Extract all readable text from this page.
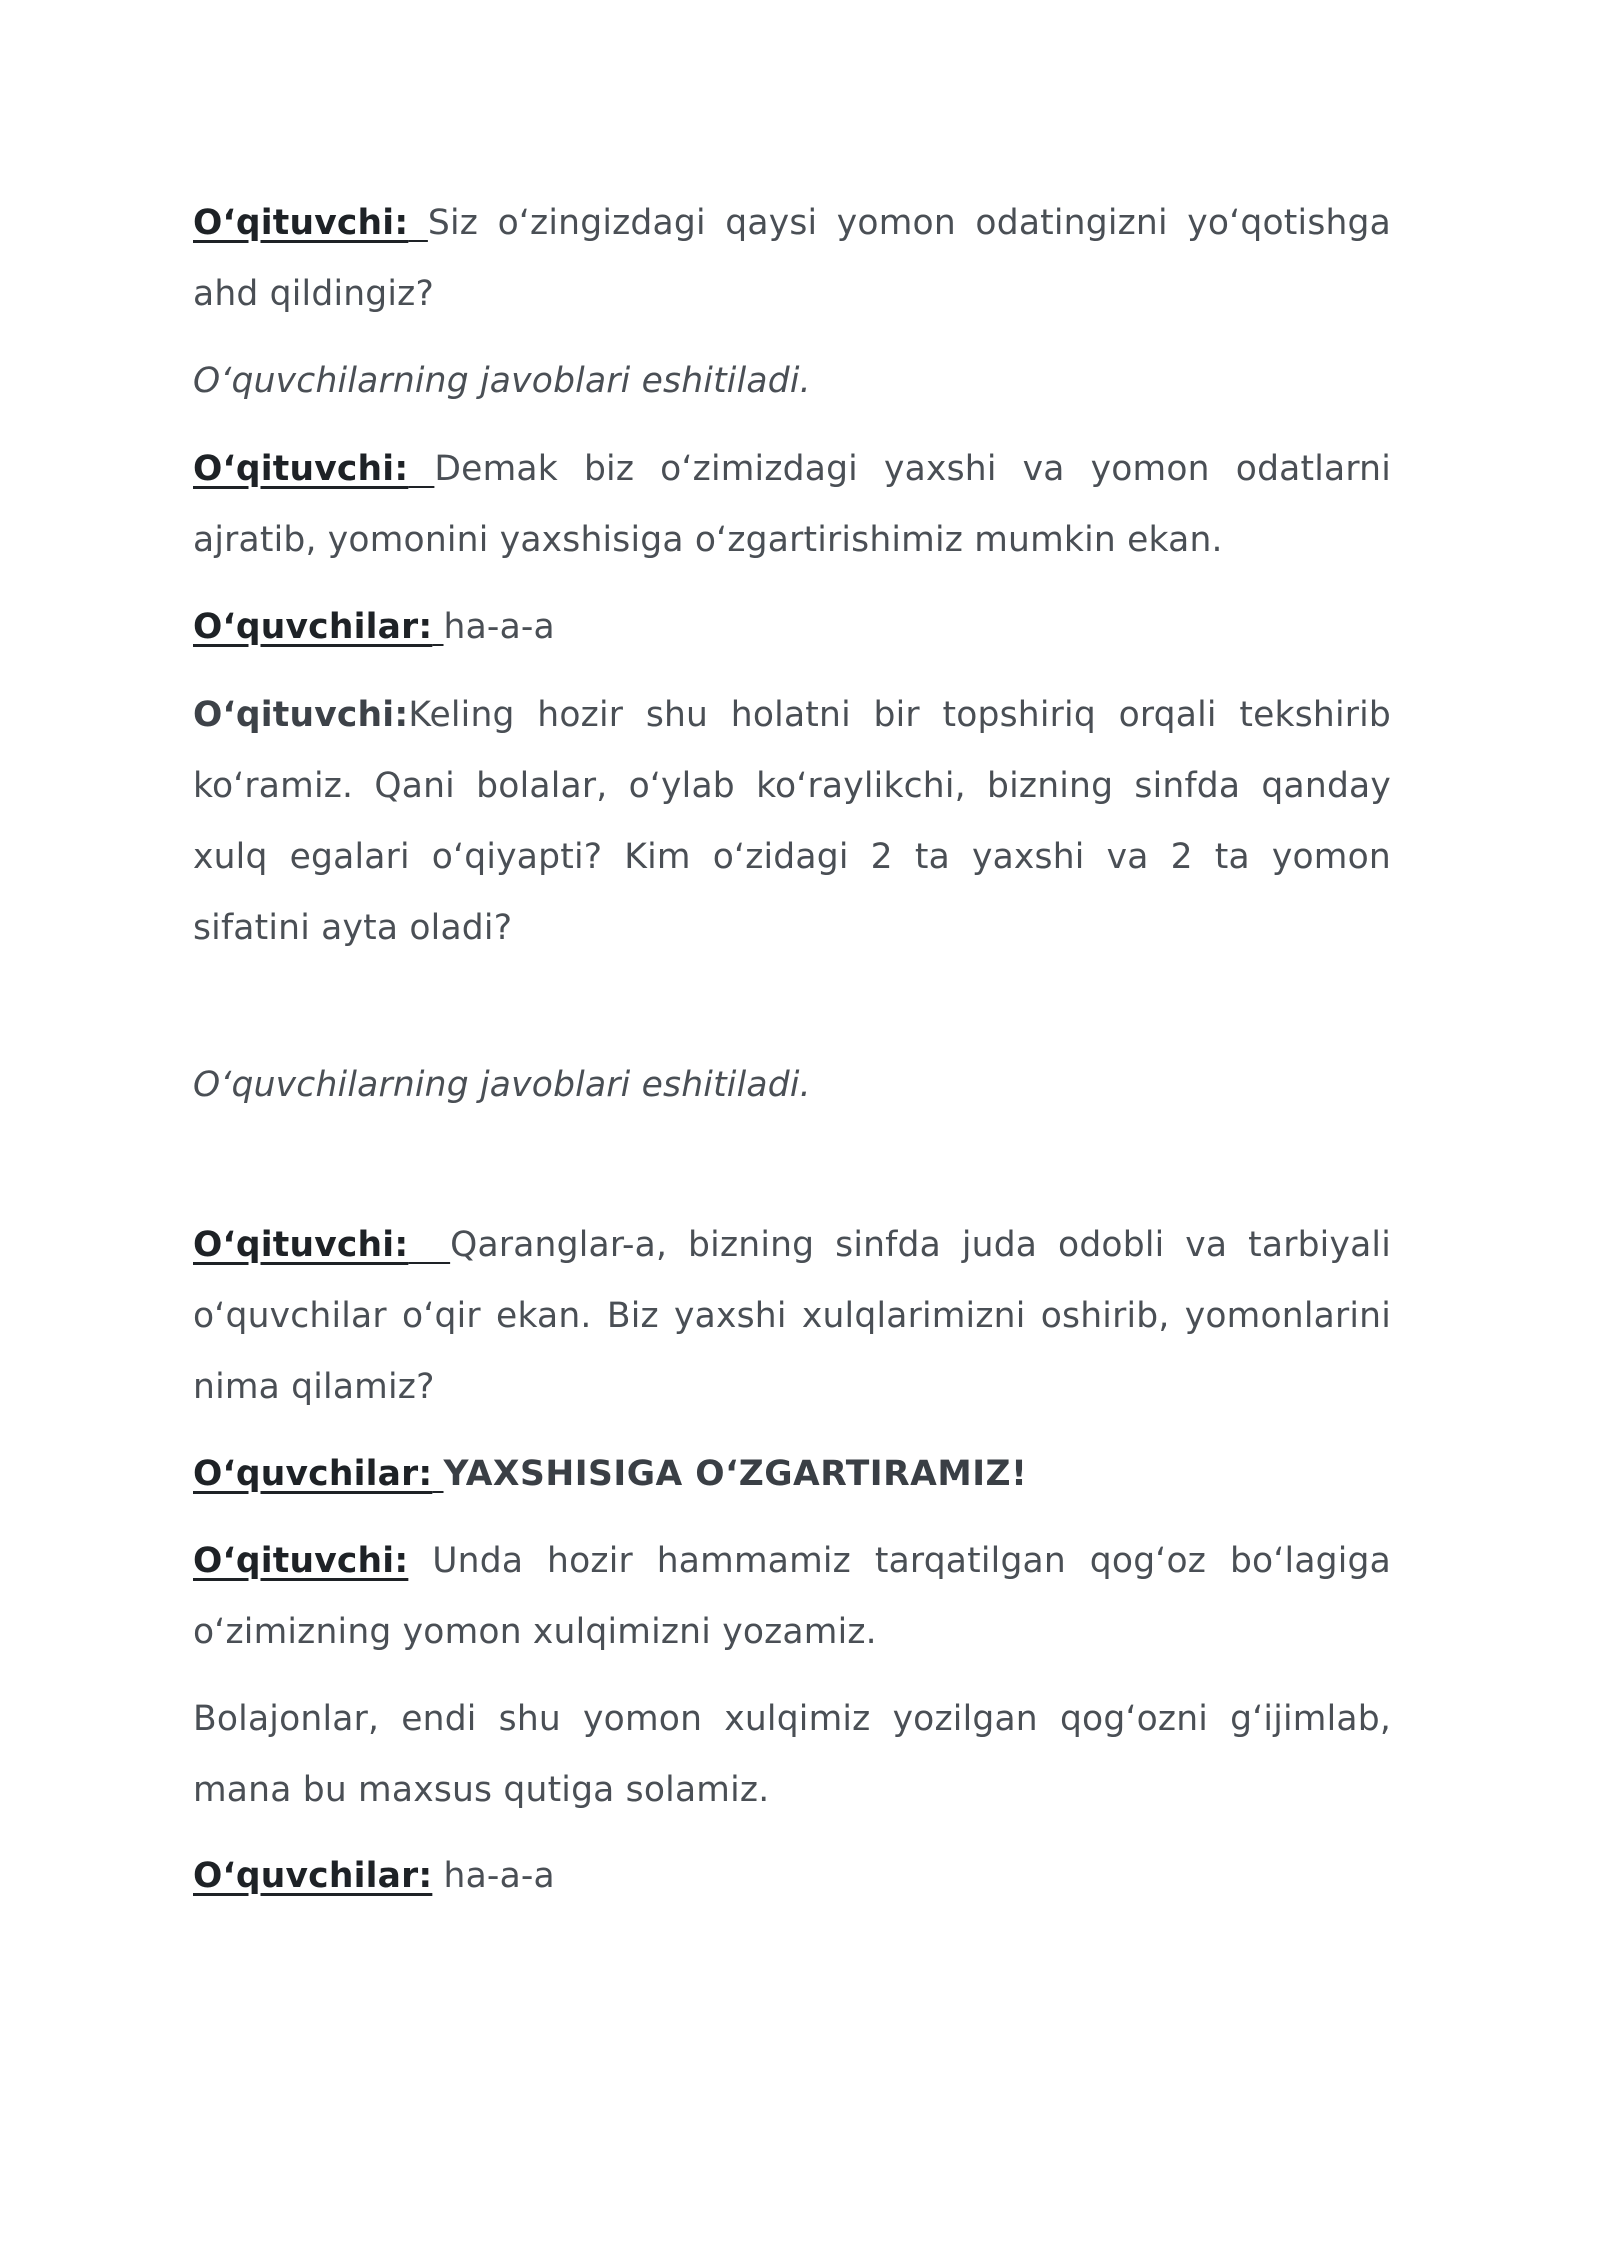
O‘qituvchi: Siz o‘zingizdagi qaysi yomon odatingizni yo‘qotishga ahd qildingiz?

O‘quvchilarning javoblari eshitiladi.

O‘qituvchi: Demak biz o‘zimizdagi yaxshi va yomon odatlarni ajratib, yomonini yaxshisiga o‘zgartirishimiz mumkin ekan.

O‘quvchilar: ha-a-a

O‘qituvchi:Keling hozir shu holatni bir topshiriq orqali tekshirib ko‘ramiz. Qani bolalar, o‘ylab ko‘raylikchi, bizning sinfda qanday xulq egalari o‘qiyapti? Kim o‘zidagi 2 ta yaxshi va 2 ta yomon sifatini ayta oladi?

O‘quvchilarning javoblari eshitiladi.

O‘qituvchi: Qaranglar-a, bizning sinfda juda odobli va tarbiyali o‘quvchilar o‘qir ekan. Biz yaxshi xulqlarimizni oshirib, yomonlarini nima qilamiz?

O‘quvchilar: YAXSHISIGA O‘ZGARTIRAMIZ!

O‘qituvchi: Unda hozir hammamiz tarqatilgan qog‘oz bo‘lagiga o‘zimizning yomon xulqimizni yozamiz.

Bolajonlar, endi shu yomon xulqimiz yozilgan qog‘ozni g‘ijimlab, mana bu maxsus qutiga solamiz.

O‘quvchilar: ha-a-a
